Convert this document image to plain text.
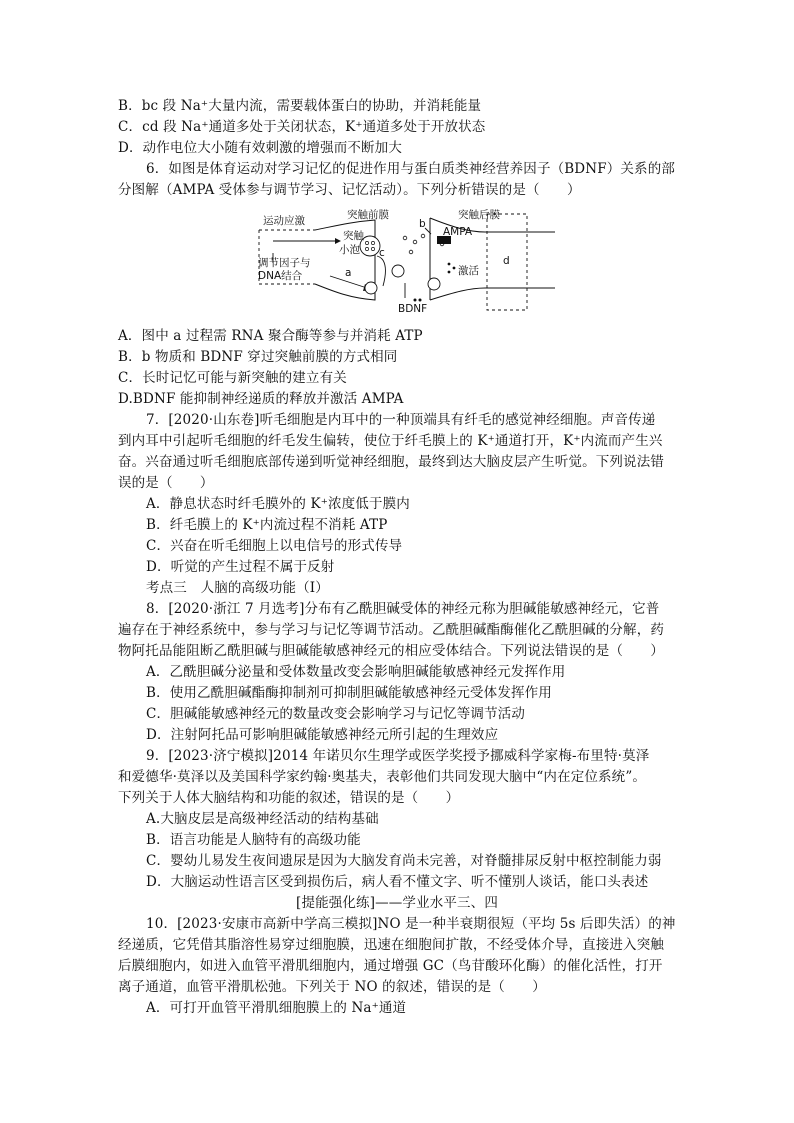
B．bc 段 Na⁺大量内流，需要载体蛋白的协助，并消耗能量
C．cd 段 Na⁺通道多处于关闭状态，K⁺通道多处于开放状态
D．动作电位大小随有效刺激的增强而不断加大
6．如图是体育运动对学习记忆的促进作用与蛋白质类神经营养因子（BDNF）关系的部
分图解（AMPA 受体参与调节学习、记忆活动）。下列分析错误的是（　　）
运动应激	突触前膜
突触
小泡
调节因子与
DNA结合
突触后膜
AMPA
激活
BDNF
a
b
c
d
A．图中 a 过程需 RNA 聚合酶等参与并消耗 ATP
B．b 物质和 BDNF 穿过突触前膜的方式相同
C．长时记忆可能与新突触的建立有关
D.BDNF 能抑制神经递质的释放并激活 AMPA
7．[2020·山东卷]听毛细胞是内耳中的一种顶端具有纤毛的感觉神经细胞。声音传递
到内耳中引起听毛细胞的纤毛发生偏转，使位于纤毛膜上的 K⁺通道打开，K⁺内流而产生兴
奋。兴奋通过听毛细胞底部传递到听觉神经细胞，最终到达大脑皮层产生听觉。下列说法错
误的是（　　）
A．静息状态时纤毛膜外的 K⁺浓度低于膜内
B．纤毛膜上的 K⁺内流过程不消耗 ATP
C．兴奋在听毛细胞上以电信号的形式传导
D．听觉的产生过程不属于反射
考点三　人脑的高级功能（Ⅰ）
8．[2020·浙江 7 月选考]分布有乙酰胆碱受体的神经元称为胆碱能敏感神经元，它普
遍存在于神经系统中，参与学习与记忆等调节活动。乙酰胆碱酯酶催化乙酰胆碱的分解，药
物阿托品能阻断乙酰胆碱与胆碱能敏感神经元的相应受体结合。下列说法错误的是（　　）
A．乙酰胆碱分泌量和受体数量改变会影响胆碱能敏感神经元发挥作用
B．使用乙酰胆碱酯酶抑制剂可抑制胆碱能敏感神经元受体发挥作用
C．胆碱能敏感神经元的数量改变会影响学习与记忆等调节活动
D．注射阿托品可影响胆碱能敏感神经元所引起的生理效应
9．[2023·济宁模拟]2014 年诺贝尔生理学或医学奖授予挪威科学家梅-布里特·莫泽
和爱德华·莫泽以及美国科学家约翰·奥基夫，表彰他们共同发现大脑中“内在定位系统”。
下列关于人体大脑结构和功能的叙述，错误的是（　　）
A.大脑皮层是高级神经活动的结构基础
B．语言功能是人脑特有的高级功能
C．婴幼儿易发生夜间遗尿是因为大脑发育尚未完善，对脊髓排尿反射中枢控制能力弱
D．大脑运动性语言区受到损伤后，病人看不懂文字、听不懂别人谈话，能口头表述
[提能强化练]——学业水平三、四
10．[2023·安康市高新中学高三模拟]NO 是一种半衰期很短（平均 5s 后即失活）的神
经递质，它凭借其脂溶性易穿过细胞膜，迅速在细胞间扩散，不经受体介导，直接进入突触
后膜细胞内，如进入血管平滑肌细胞内，通过增强 GC（鸟苷酸环化酶）的催化活性，打开
离子通道，血管平滑肌松弛。下列关于 NO 的叙述，错误的是（　　）
A．可打开血管平滑肌细胞膜上的 Na⁺通道
